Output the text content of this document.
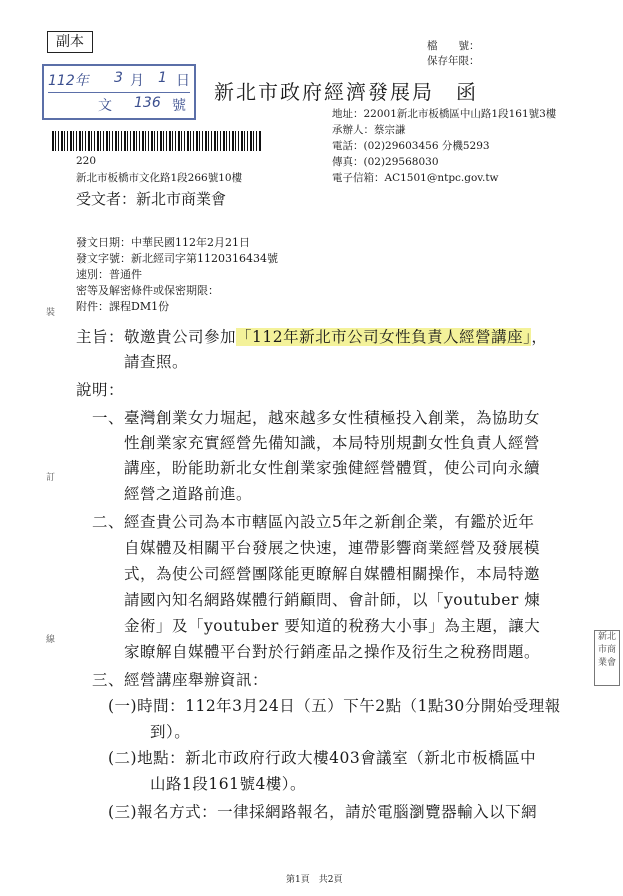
副本
112年 3 月 1 日
文 136 號
檔　　號：
保存年限：
新北市政府經濟發展局　函
地址：22001新北市板橋區中山路1段161號3樓
承辦人：蔡宗謙
電話：(02)29603456 分機5293
傳真：(02)29568030
電子信箱：AC1501@ntpc.gov.tw
220
新北市板橋市文化路1段266號10樓
受文者：新北市商業會
發文日期：中華民國112年2月21日
發文字號：新北經司字第1120316434號
速別：普通件
密等及解密條件或保密期限：
附件：課程DM1份
裝
訂
線
主旨：敬邀貴公司參加「112年新北市公司女性負責人經營講座」，
請查照。
說明：
一、臺灣創業女力堀起，越來越多女性積極投入創業，為協助女
性創業家充實經營先備知識，本局特別規劃女性負責人經營
講座，盼能助新北女性創業家強健經營體質，使公司向永續
經營之道路前進。
二、經查貴公司為本市轄區內設立5年之新創企業，有鑑於近年
自媒體及相關平台發展之快速，連帶影響商業經營及發展模
式，為使公司經營團隊能更瞭解自媒體相關操作，本局特邀
請國內知名網路媒體行銷顧問、會計師，以「youtuber 煉
金術」及「youtuber 要知道的稅務大小事」為主題，讓大
家瞭解自媒體平台對於行銷產品之操作及衍生之稅務問題。
三、經營講座舉辦資訊：
(一)時間：112年3月24日（五）下午2點（1點30分開始受理報
到）。
(二)地點：新北市政府行政大樓403會議室（新北市板橋區中
山路1段161號4樓）。
(三)報名方式：一律採網路報名，請於電腦瀏覽器輸入以下網
新北
市商
業會
第1頁　共2頁
